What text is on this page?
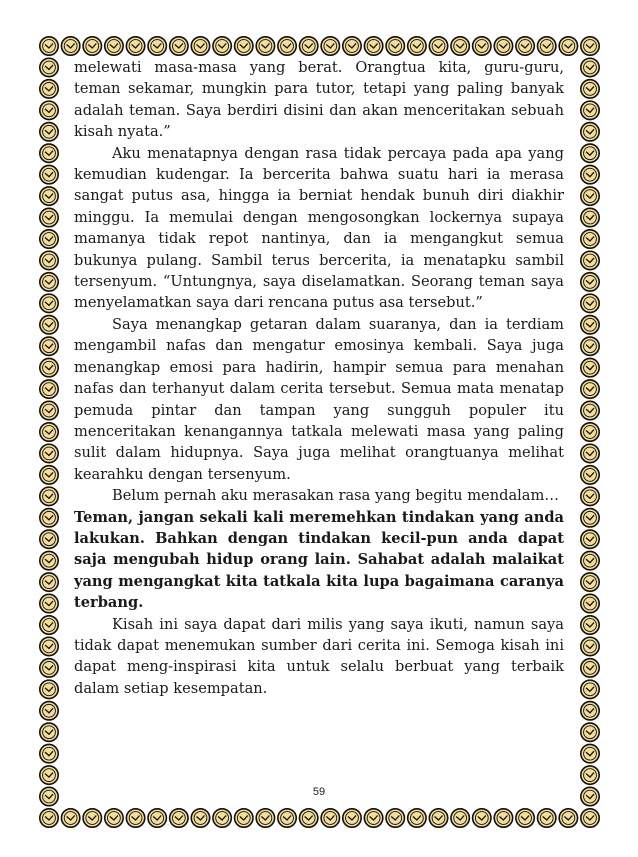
melewati masa-masa yang berat. Orangtua kita, guru-guru, teman sekamar, mungkin para tutor, tetapi yang paling banyak adalah teman. Saya berdiri disini dan akan menceritakan sebuah kisah nyata.”

Aku menatapnya dengan rasa tidak percaya pada apa yang kemudian kudengar. Ia bercerita bahwa suatu hari ia merasa sangat putus asa, hingga ia berniat hendak bunuh diri diakhir minggu. Ia memulai dengan mengosongkan lockernya supaya mamanya tidak repot nantinya, dan ia mengangkut semua bukunya pulang. Sambil terus bercerita, ia menatapku sambil tersenyum. “Untungnya, saya diselamatkan. Seorang teman saya menyelamatkan saya dari rencana putus asa tersebut.”

Saya menangkap getaran dalam suaranya, dan ia terdiam mengambil nafas dan mengatur emosinya kembali. Saya juga menangkap emosi para hadirin, hampir semua para menahan nafas dan terhanyut dalam cerita tersebut. Semua mata menatap pemuda pintar dan tampan yang sungguh populer itu menceritakan kenangannya tatkala melewati masa yang paling sulit dalam hidupnya. Saya juga melihat orangtuanya melihat kearahku dengan tersenyum.

Belum pernah aku merasakan rasa yang begitu mendalam…

Teman, jangan sekali kali meremehkan tindakan yang anda lakukan. Bahkan dengan tindakan kecil-pun anda dapat saja mengubah hidup orang lain. Sahabat adalah malaikat yang mengangkat kita tatkala kita lupa bagaimana caranya terbang.

Kisah ini saya dapat dari milis yang saya ikuti, namun saya tidak dapat menemukan sumber dari cerita ini. Semoga kisah ini dapat meng-inspirasi kita untuk selalu berbuat yang terbaik dalam setiap kesempatan.

59
